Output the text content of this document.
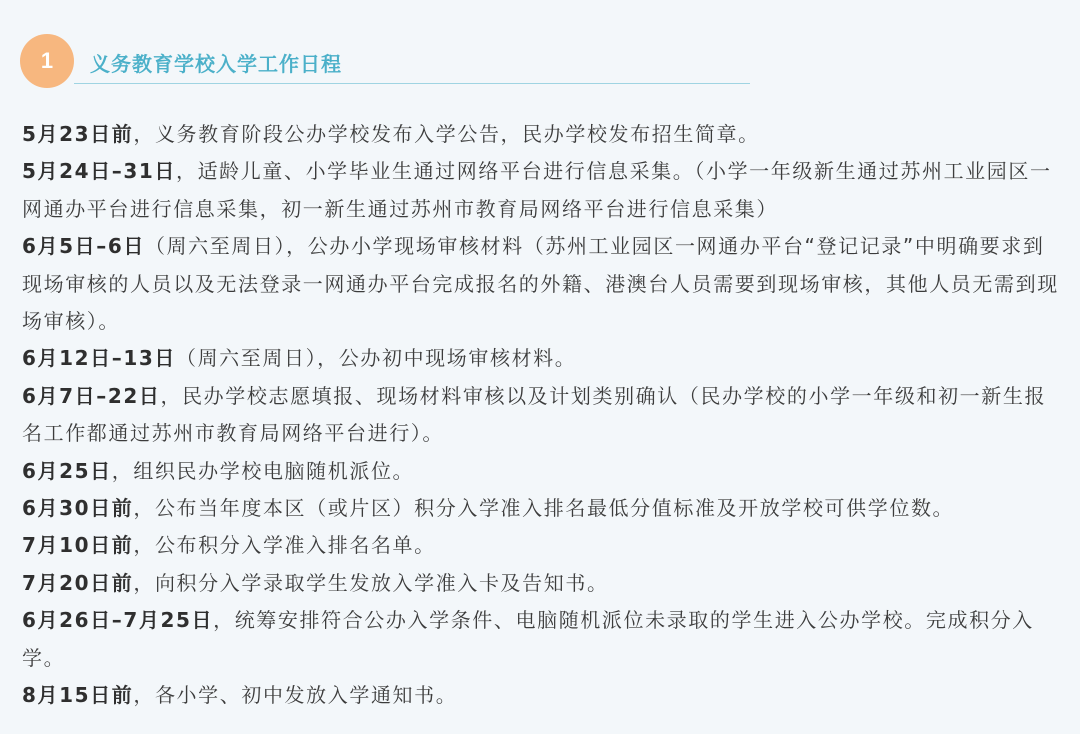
1	义务教育学校入学工作日程
5月23日前，义务教育阶段公办学校发布入学公告，民办学校发布招生简章。
5月24日–31日，适龄儿童、小学毕业生通过网络平台进行信息采集。（小学一年级新生通过苏州工业园区一网通办平台进行信息采集，初一新生通过苏州市教育局网络平台进行信息采集）
6月5日–6日（周六至周日），公办小学现场审核材料（苏州工业园区一网通办平台“登记记录”中明确要求到现场审核的人员以及无法登录一网通办平台完成报名的外籍、港澳台人员需要到现场审核，其他人员无需到现场审核）。
6月12日–13日（周六至周日），公办初中现场审核材料。
6月7日–22日，民办学校志愿填报、现场材料审核以及计划类别确认（民办学校的小学一年级和初一新生报名工作都通过苏州市教育局网络平台进行）。
6月25日，组织民办学校电脑随机派位。
6月30日前，公布当年度本区（或片区）积分入学准入排名最低分值标准及开放学校可供学位数。
7月10日前，公布积分入学准入排名名单。
7月20日前，向积分入学录取学生发放入学准入卡及告知书。
6月26日–7月25日，统筹安排符合公办入学条件、电脑随机派位未录取的学生进入公办学校。完成积分入学。
8月15日前，各小学、初中发放入学通知书。
